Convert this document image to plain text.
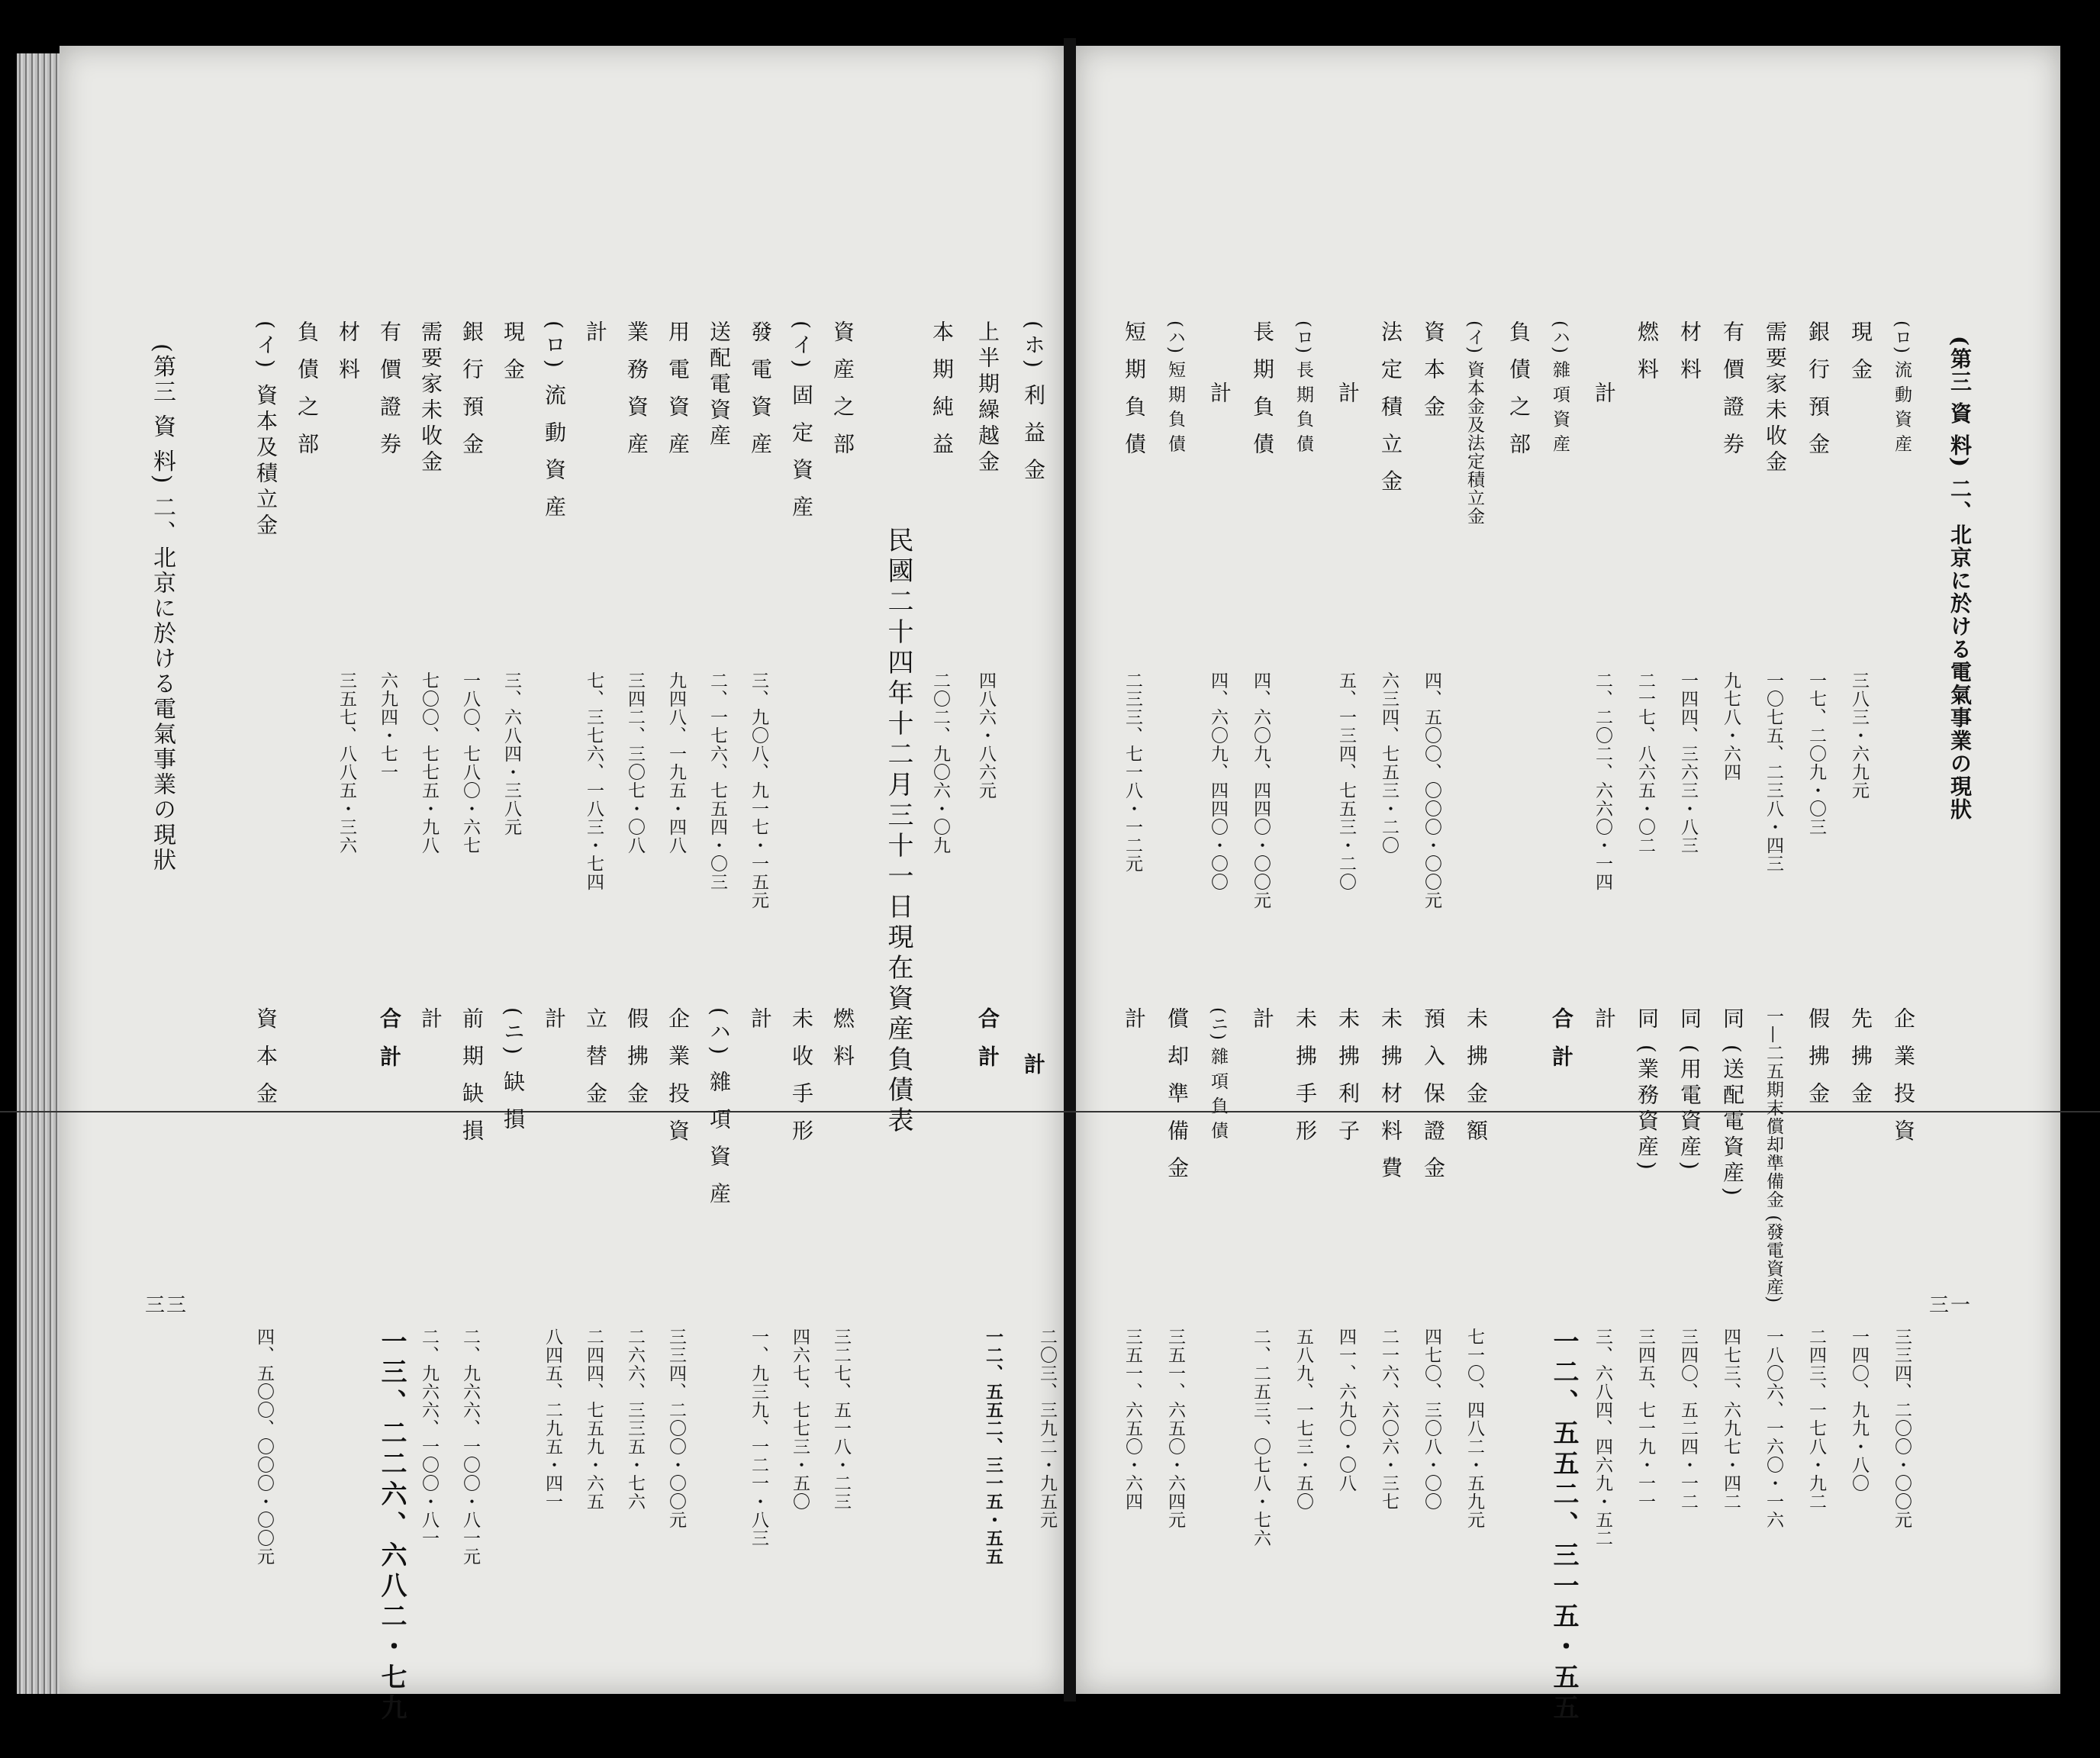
(第三 資 料) 二、北京に於ける電氣事業の現狀
三一
(ロ) 流 動 資 産
企 業 投 資
三三四、二〇〇・〇〇元
現 金
三八三・六九元
先 拂 金
一四〇、九九・八〇
銀 行 預 金
一七、二〇九・〇三
假 拂 金
二四三、一七八・九二
需要家未收金
一〇七五、二三八・四三
一—二五期末償却準備金 (發電資産)
一八〇六、一六〇・一六
有 價 證 券
九七八・六四
同 (送配電資産)
四七三、六九七・四二
材 料
一四四、三六三・八三
同 (用電資産)
三四〇、五二四・一二
燃 料
二一七、八六五・〇二
同 (業務資産)
三四五、七一九・一一
計
二、二〇二、六六〇・一四
計
三、六八四、四六九・五二
(ハ) 雜 項 資 産
合 計
一二、五五二、三一五・五五
負 債 之 部
(イ) 資本金及法定積立金
未 拂 金 額
七一〇、四八二・五九元
資 本 金
四、五〇〇、〇〇〇・〇〇元
預 入 保 證 金
四七〇、三〇八・〇〇
法 定 積 立 金
六三四、七五三・二〇
未 拂 材 料 費
二一六、六〇六・三七
計
五、一三四、七五三・二〇
未 拂 利 子
四一、六九〇・〇八
(ロ) 長 期 負 債
未 拂 手 形
五八九、一七三・五〇
長 期 負 債
四、六〇九、四四〇・〇〇元
計
二、二五三、〇七八・七六
計
四、六〇九、四四〇・〇〇
(ニ) 雜 項 負 債
(ハ) 短 期 負 債
償 却 準 備 金
三五一、六五〇・六四元
短 期 負 債
二三三、七一八・一二元
計
三五一、六五〇・六四
二〇三、三九二・九五元
一二、五五二、三一五・五五
(ホ) 利 益 金
上半期繰越金
四八六・八六元
本 期 純 益
二〇二、九〇六・〇九
民國二十四年十二月三十一日現在資産負債表
資 産 之 部
燃 料
三二七、五一八・二三
(イ) 固 定 資 産
未 收 手 形
四六七、七七三・五〇
發 電 資 産
三、九〇八、九一七・一五元
計
一、九三九、一二一・八三
送配電資産
二、一七六、七五四・〇三
(ハ) 雜 項 資 産
用 電 資 産
九四八、一九五・四八
企 業 投 資
三三四、二〇〇・〇〇元
業 務 資 産
三四二、三〇七・〇八
假 拂 金
二六六、三三五・七六
計
七、三七六、一八三・七四
立 替 金
二四四、七五九・六五
(ロ) 流 動 資 産
計
八四五、二九五・四一
現 金
三、六八四・三八元
(ニ) 缺 損
銀 行 預 金
一八〇、七八〇・六七
前 期 缺 損
二、九六六、一〇〇・八一元
需要家未收金
七〇〇、七七五・九八
計
二、九六六、一〇〇・八一
有 價 證 券
六九四・七一
合 計
一三、二二六、六八二・七九
材 料
三五七、八八五・三六
負 債 之 部
(イ) 資本及積立金
資 本 金
四、五〇〇、〇〇〇・〇〇元
(第三 資 料) 二、北京に於ける電氣事業の現狀
三三
計
合 計
